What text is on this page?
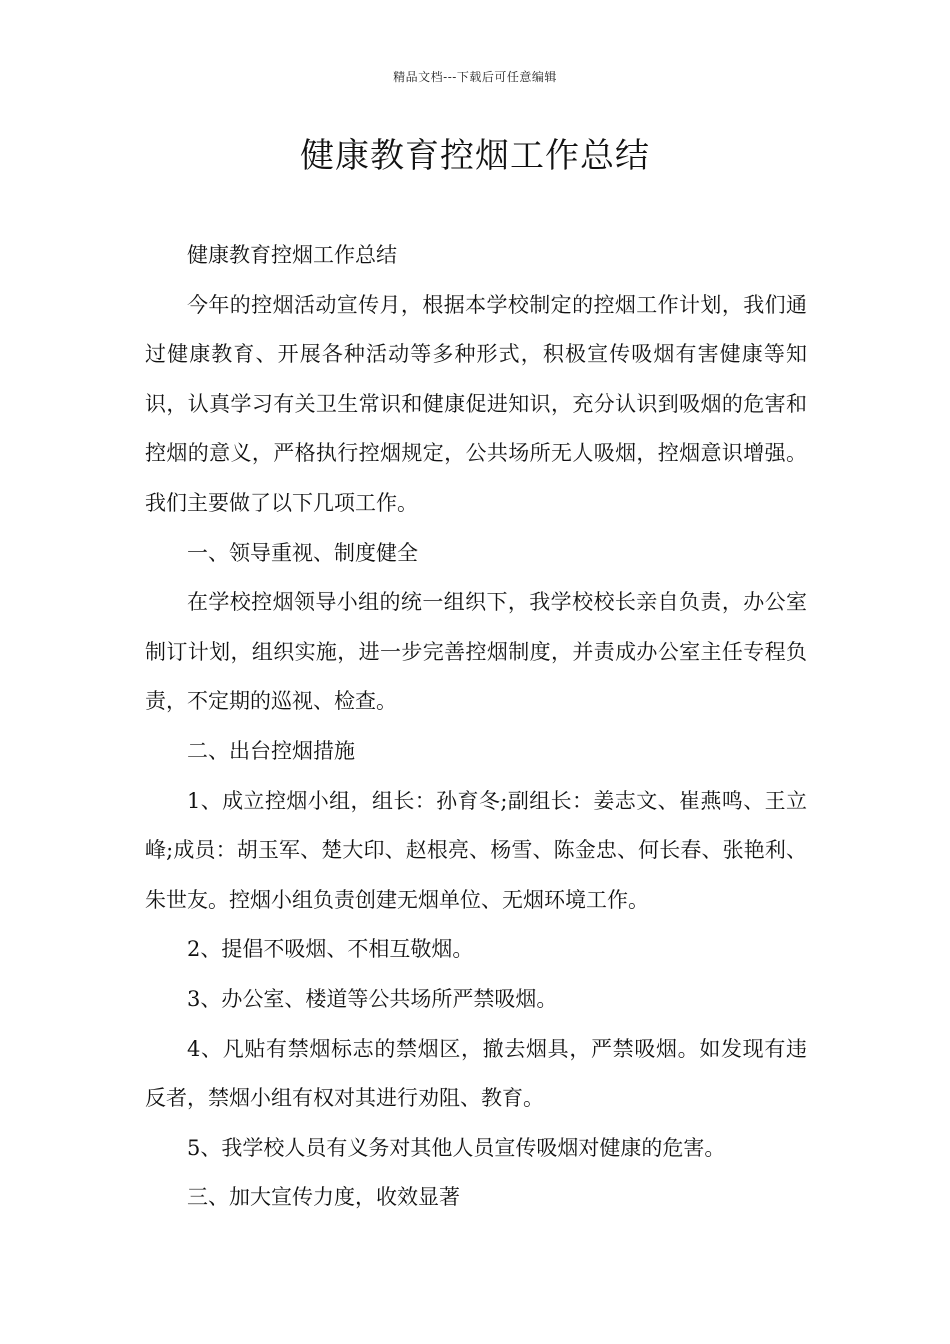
精品文档---下载后可任意编辑
健康教育控烟工作总结

健康教育控烟工作总结

今年的控烟活动宣传月，根据本学校制定的控烟工作计划，我们通过健康教育、开展各种活动等多种形式，积极宣传吸烟有害健康等知识，认真学习有关卫生常识和健康促进知识，充分认识到吸烟的危害和控烟的意义，严格执行控烟规定，公共场所无人吸烟，控烟意识增强。我们主要做了以下几项工作。

一、领导重视、制度健全

在学校控烟领导小组的统一组织下，我学校校长亲自负责，办公室制订计划，组织实施，进一步完善控烟制度，并责成办公室主任专程负责，不定期的巡视、检查。

二、出台控烟措施

1、成立控烟小组，组长：孙育冬;副组长：姜志文、崔燕鸣、王立峰;成员：胡玉军、楚大印、赵根亮、杨雪、陈金忠、何长春、张艳利、朱世友。控烟小组负责创建无烟单位、无烟环境工作。

2、提倡不吸烟、不相互敬烟。

3、办公室、楼道等公共场所严禁吸烟。

4、凡贴有禁烟标志的禁烟区，撤去烟具，严禁吸烟。如发现有违反者，禁烟小组有权对其进行劝阻、教育。

5、我学校人员有义务对其他人员宣传吸烟对健康的危害。

三、加大宣传力度，收效显著
